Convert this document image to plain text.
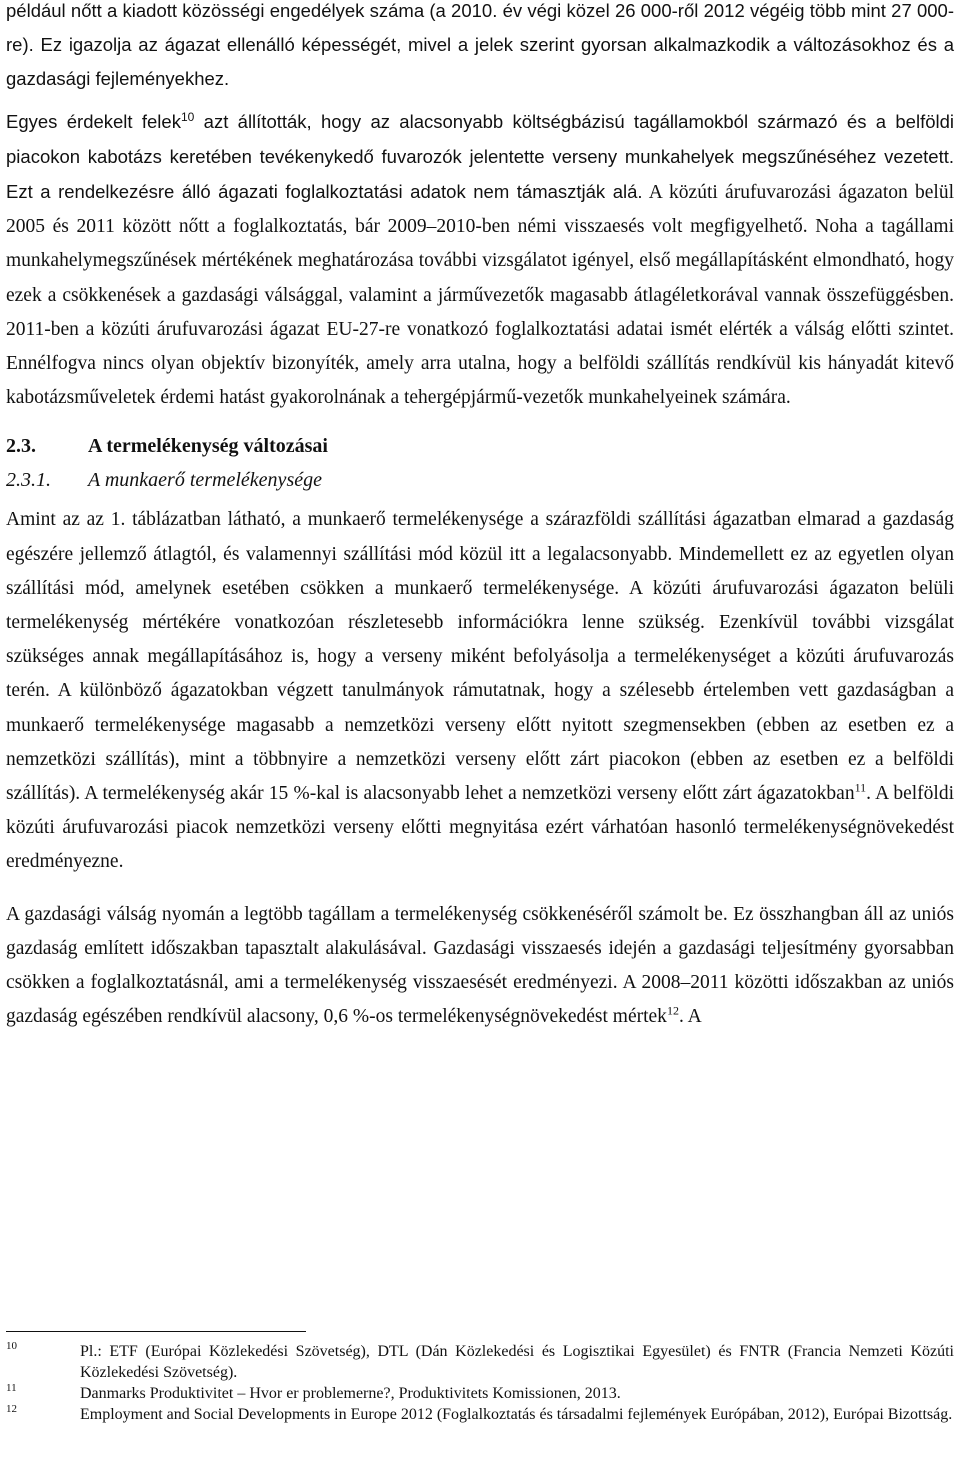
például nőtt a kiadott közösségi engedélyek száma (a 2010. év végi közel 26 000-ről 2012 végéig több mint 27 000-re). Ez igazolja az ágazat ellenálló képességét, mivel a jelek szerint gyorsan alkalmazkodik a változásokhoz és a gazdasági fejleményekhez.

Egyes érdekelt felek$^{10}$ azt állították, hogy az alacsonyabb költségbázisú tagállamokból származó és a belföldi piacokon kabotázs keretében tevékenykedő fuvarozók jelentette verseny munkahelyek megszűnéséhez vezetett. Ezt a rendelkezésre álló ágazati foglalkoztatási adatok nem támasztják alá. A közúti árufuvarozási ágazaton belül 2005 és 2011 között nőtt a foglalkoztatás, bár 2009–2010-ben némi visszaesés volt megfigyelhető. Noha a tagállami munkahelymegszűnések mértékének meghatározása további vizsgálatot igényel, első megállapításként elmondható, hogy ezek a csökkenések a gazdasági válsággal, valamint a járművezetők magasabb átlagéletkorával vannak összefüggésben. 2011-ben a közúti árufuvarozási ágazat EU-27-re vonatkozó foglalkoztatási adatai ismét elérték a válság előtti szintet. Ennélfogva nincs olyan objektív bizonyíték, amely arra utalna, hogy a belföldi szállítás rendkívül kis hányadát kitevő kabotázsműveletek érdemi hatást gyakorolnának a tehergépjármű-vezetők munkahelyeinek számára.

2.3.	A termelékenység változásai
2.3.1. A munkaerő termelékenysége

Amint az az 1. táblázatban látható, a munkaerő termelékenysége a szárazföldi szállítási ágazatban elmarad a gazdaság egészére jellemző átlagtól, és valamennyi szállítási mód közül itt a legalacsonyabb. Mindemellett ez az egyetlen olyan szállítási mód, amelynek esetében csökken a munkaerő termelékenysége. A közúti árufuvarozási ágazaton belüli termelékenység mértékére vonatkozóan részletesebb információkra lenne szükség. Ezenkívül további vizsgálat szükséges annak megállapításához is, hogy a verseny miként befolyásolja a termelékenységet a közúti árufuvarozás terén. A különböző ágazatokban végzett tanulmányok rámutatnak, hogy a szélesebb értelemben vett gazdaságban a munkaerő termelékenysége magasabb a nemzetközi verseny előtt nyitott szegmensekben (ebben az esetben ez a nemzetközi szállítás), mint a többnyire a nemzetközi verseny előtt zárt piacokon (ebben az esetben ez a belföldi szállítás). A termelékenység akár 15 %-kal is alacsonyabb lehet a nemzetközi verseny előtt zárt ágazatokban$^{11}$. A belföldi közúti árufuvarozási piacok nemzetközi verseny előtti megnyitása ezért várhatóan hasonló termelékenységnövekedést eredményezne.

A gazdasági válság nyomán a legtöbb tagállam a termelékenység csökkenéséről számolt be. Ez összhangban áll az uniós gazdaság említett időszakban tapasztalt alakulásával. Gazdasági visszaesés idején a gazdasági teljesítmény gyorsabban csökken a foglalkoztatásnál, ami a termelékenység visszaesését eredményezi. A 2008–2011 közötti időszakban az uniós gazdaság egészében rendkívül alacsony, 0,6 %-os termelékenységnövekedést mértek$^{12}$. A

10	Pl.: ETF (Európai Közlekedési Szövetség), DTL (Dán Közlekedési és Logisztikai Egyesület) és FNTR (Francia Nemzeti Közúti Közlekedési Szövetség).
11	Danmarks Produktivitet – Hvor er problemerne?, Produktivitets Komissionen, 2013.
12	Employment and Social Developments in Europe 2012 (Foglalkoztatás és társadalmi fejlemények Európában, 2012), Európai Bizottság.
